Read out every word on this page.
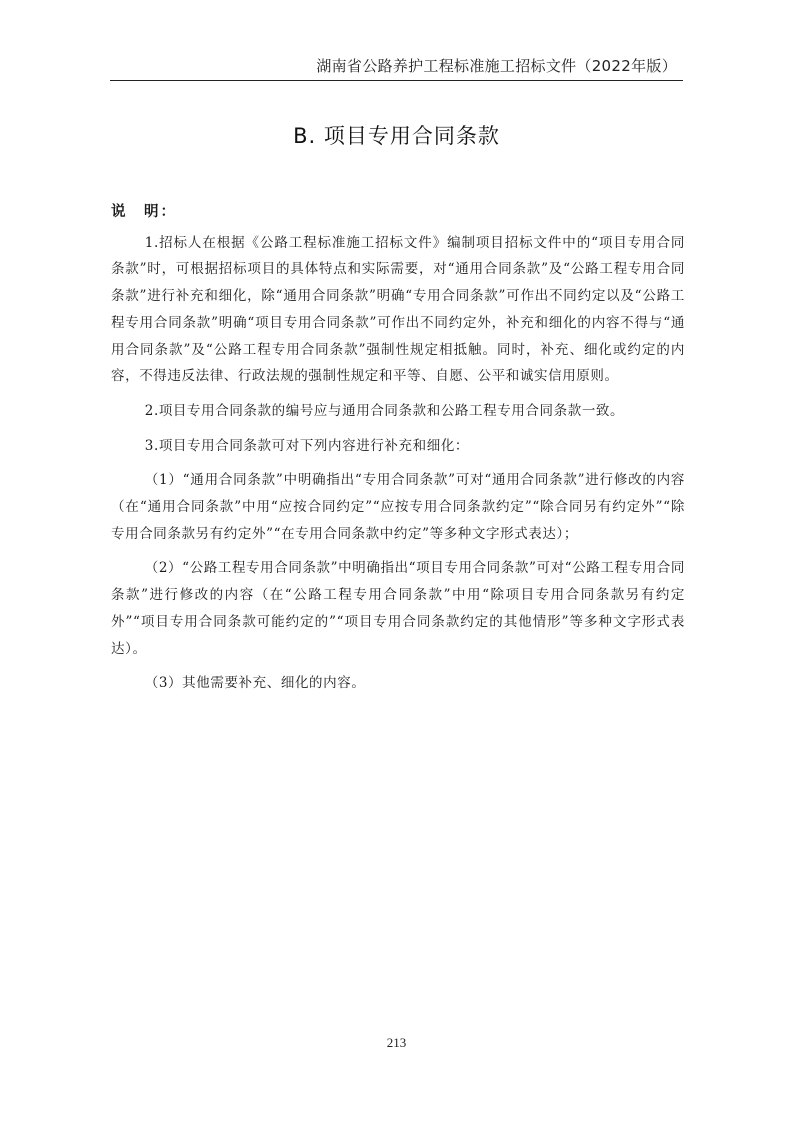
湖南省公路养护工程标准施工招标文件（2022年版）
B. 项目专用合同条款
说　明：

1.招标人在根据《公路工程标准施工招标文件》编制项目招标文件中的“项目专用合同条款”时，可根据招标项目的具体特点和实际需要，对“通用合同条款”及“公路工程专用合同条款”进行补充和细化，除“通用合同条款”明确“专用合同条款”可作出不同约定以及“公路工程专用合同条款”明确“项目专用合同条款”可作出不同约定外，补充和细化的内容不得与“通用合同条款”及“公路工程专用合同条款”强制性规定相抵触。同时，补充、细化或约定的内容，不得违反法律、行政法规的强制性规定和平等、自愿、公平和诚实信用原则。

2.项目专用合同条款的编号应与通用合同条款和公路工程专用合同条款一致。

3.项目专用合同条款可对下列内容进行补充和细化：

（1）“通用合同条款”中明确指出“专用合同条款”可对“通用合同条款”进行修改的内容（在“通用合同条款”中用“应按合同约定”“应按专用合同条款约定”“除合同另有约定外”“除专用合同条款另有约定外”“在专用合同条款中约定”等多种文字形式表达）；

（2）“公路工程专用合同条款”中明确指出“项目专用合同条款”可对“公路工程专用合同条款”进行修改的内容（在“公路工程专用合同条款”中用“除项目专用合同条款另有约定外”“项目专用合同条款可能约定的”“项目专用合同条款约定的其他情形”等多种文字形式表达）。

（3）其他需要补充、细化的内容。

213
